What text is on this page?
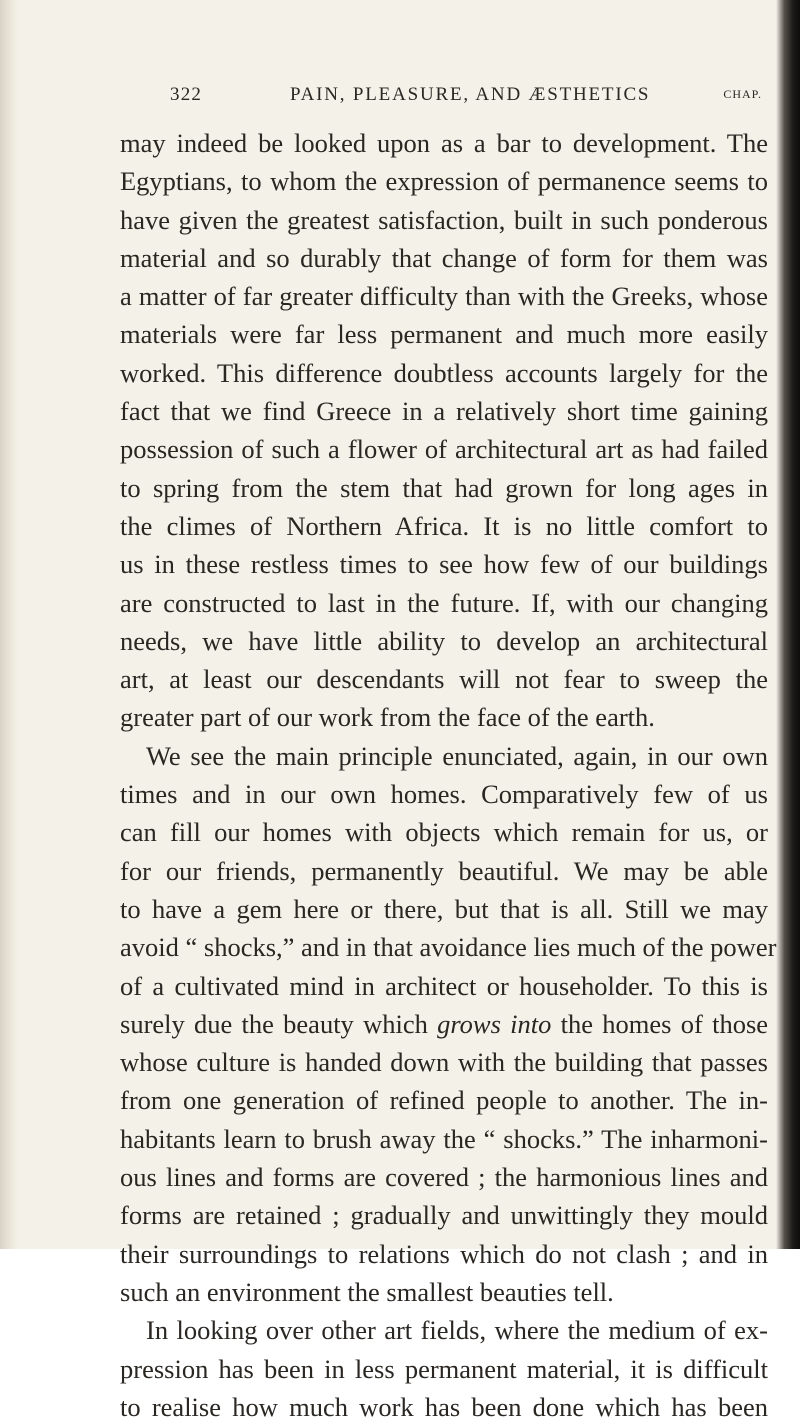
322	PAIN, PLEASURE, AND ÆSTHETICS	CHAP.
may indeed be looked upon as a bar to development. The
Egyptians, to whom the expression of permanence seems to
have given the greatest satisfaction, built in such ponderous
material and so durably that change of form for them was
a matter of far greater difficulty than with the Greeks, whose
materials were far less permanent and much more easily
worked. This difference doubtless accounts largely for the
fact that we find Greece in a relatively short time gaining
possession of such a flower of architectural art as had failed
to spring from the stem that had grown for long ages in
the climes of Northern Africa. It is no little comfort to
us in these restless times to see how few of our buildings
are constructed to last in the future. If, with our changing
needs, we have little ability to develop an architectural
art, at least our descendants will not fear to sweep the
greater part of our work from the face of the earth.
We see the main principle enunciated, again, in our own
times and in our own homes. Comparatively few of us
can fill our homes with objects which remain for us, or
for our friends, permanently beautiful. We may be able
to have a gem here or there, but that is all. Still we may
avoid “ shocks,” and in that avoidance lies much of the power
of a cultivated mind in architect or householder. To this is
surely due the beauty which grows into the homes of those
whose culture is handed down with the building that passes
from one generation of refined people to another. The in-
habitants learn to brush away the “ shocks.” The inharmoni-
ous lines and forms are covered ; the harmonious lines and
forms are retained ; gradually and unwittingly they mould
their surroundings to relations which do not clash ; and in
such an environment the smallest beauties tell.
In looking over other art fields, where the medium of ex-
pression has been in less permanent material, it is difficult
to realise how much work has been done which has been
